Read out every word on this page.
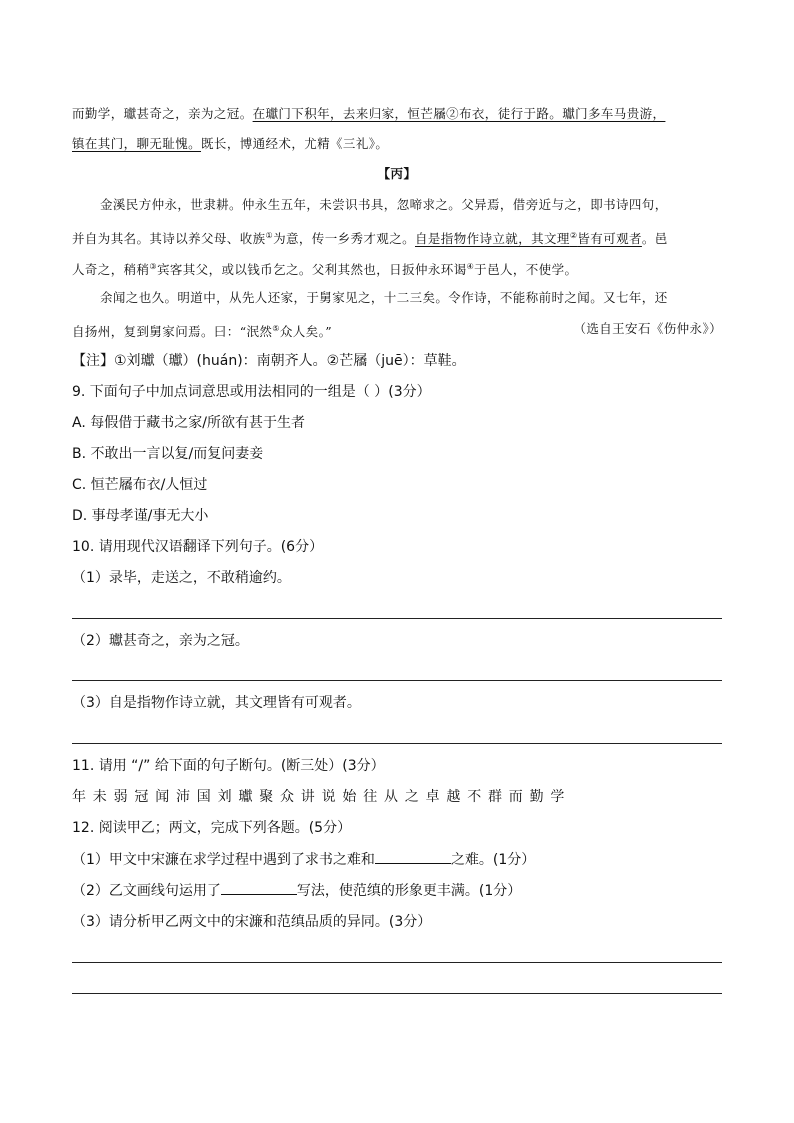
而勤学，瓛甚奇之，亲为之冠。在瓛门下积年，去来归家，恒芒屩②布衣，徒行于路。瓛门多车马贵游，
镇在其门，聊无耻愧。既长，博通经术，尤精《三礼》。
【丙】
金溪民方仲永，世隶耕。仲永生五年，未尝识书具，忽啼求之。父异焉，借旁近与之，即书诗四句，
并自为其名。其诗以养父母、收族①为意，传一乡秀才观之。自是指物作诗立就，其文理②皆有可观者。邑
人奇之，稍稍③宾客其父，或以钱币乞之。父利其然也，日扳仲永环谒④于邑人，不使学。
余闻之也久。明道中，从先人还家，于舅家见之，十二三矣。令作诗，不能称前时之闻。又七年，还
自扬州，复到舅家问焉。曰：“泯然⑤众人矣。”	（选自王安石《伤仲永》）
【注】①刘瓛（瓛）(huán)：南朝齐人。②芒屩（juē）：草鞋。
9. 下面句子中加点词意思或用法相同的一组是（ ）(3分）
A. 每假借于藏书之家/所欲有甚于生者
B. 不敢出一言以复/而复问妻妾
C. 恒芒屩布衣/人恒过
D. 事母孝谨/事无大小
10. 请用现代汉语翻译下列句子。(6分）
（1）录毕，走送之，不敢稍逾约。
（2）瓛甚奇之，亲为之冠。
（3）自是指物作诗立就，其文理皆有可观者。
11. 请用 “/” 给下面的句子断句。(断三处）(3分）
年未弱冠闻沛国刘瓛聚众讲说始往从之卓越不群而勤学
12. 阅读甲乙；两文，完成下列各题。(5分）
（1）甲文中宋濂在求学过程中遇到了求书之难和	之难。(1分）
（2）乙文画线句运用了	写法，使范缜的形象更丰满。(1分）
（3）请分析甲乙两文中的宋濂和范缜品质的异同。(3分）
